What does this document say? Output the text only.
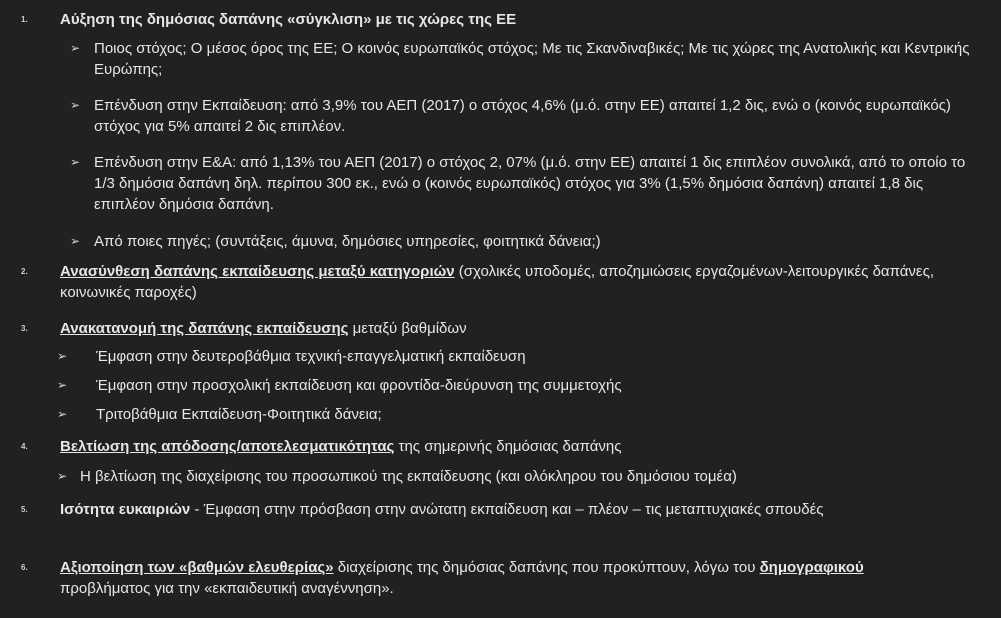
1. Αύξηση της δημόσιας δαπάνης «σύγκλιση» με τις χώρες της ΕΕ
➢ Ποιος στόχος; Ο μέσος όρος της ΕΕ; Ο κοινός ευρωπαϊκός στόχος; Με τις Σκανδιναβικές; Με τις χώρες της Ανατολικής και Κεντρικής Ευρώπης;
➢ Επένδυση στην Εκπαίδευση: από 3,9% του ΑΕΠ (2017) ο στόχος 4,6% (μ.ό. στην ΕΕ) απαιτεί 1,2 δις, ενώ ο (κοινός ευρωπαϊκός) στόχος για 5% απαιτεί 2 δις επιπλέον.
➢ Επένδυση στην Ε&Α: από 1,13% του ΑΕΠ (2017) ο στόχος 2, 07% (μ.ό. στην ΕΕ) απαιτεί 1 δις επιπλέον συνολικά, από το οποίο το 1/3 δημόσια δαπάνη δηλ. περίπου 300 εκ., ενώ ο (κοινός ευρωπαϊκός) στόχος για 3% (1,5% δημόσια δαπάνη) απαιτεί 1,8 δις επιπλέον δημόσια δαπάνη.
➢ Από ποιες πηγές; (συντάξεις, άμυνα, δημόσιες υπηρεσίες, φοιτητικά δάνεια;)
2. Ανασύνθεση δαπάνης εκπαίδευσης μεταξύ κατηγοριών (σχολικές υποδομές, αποζημιώσεις εργαζομένων-λειτουργικές δαπάνες, κοινωνικές παροχές)
3. Ανακατανομή της δαπάνης εκπαίδευσης μεταξύ βαθμίδων
➢ Έμφαση στην δευτεροβάθμια τεχνική-επαγγελματική εκπαίδευση
➢ Έμφαση στην προσχολική εκπαίδευση και φροντίδα-διεύρυνση της συμμετοχής
➢ Τριτοβάθμια Εκπαίδευση-Φοιτητικά δάνεια;
4. Βελτίωση της απόδοσης/αποτελεσματικότητας της σημερινής δημόσιας δαπάνης
➢ Η βελτίωση της διαχείρισης του προσωπικού της εκπαίδευσης (και ολόκληρου του δημόσιου τομέα)
5. Ισότητα ευκαιριών - Έμφαση στην πρόσβαση στην ανώτατη εκπαίδευση και – πλέον – τις μεταπτυχιακές σπουδές
6. Αξιοποίηση των «βαθμών ελευθερίας» διαχείρισης της δημόσιας δαπάνης που προκύπτουν, λόγω του δημογραφικού προβλήματος για την «εκπαιδευτική αναγέννηση».
